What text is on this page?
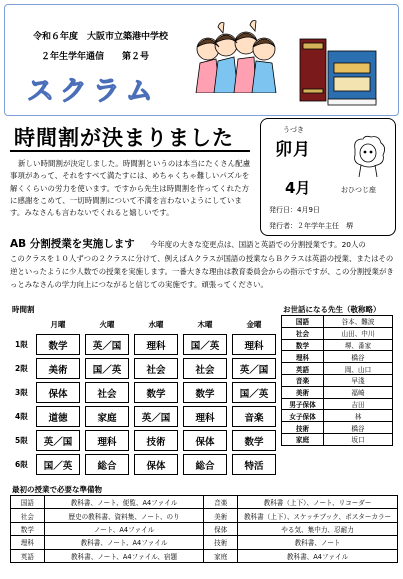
令和６年度　大阪市立築港中学校
２年生学年通信　　第２号
スクラム
時間割が決まりました	うづき
卯月
4月	おひつじ座
発行日：4月9日
発行者：２年学年主任　堺

新しい時間割が決定しました。時間割というのは本当にたくさん配慮事項があって、それをすべて満たすには、めちゃくちゃ難しいパズルを解くくらいの労力を使います。ですから先生は時間割を作ってくれた方に感謝をこめて、一切時間割について不満を言わないようにしています。みなさんも言わないでくれると嬉しいです。

AB 分割授業を実施します 今年度の大きな変更点は、国語と英語での分割授業です。20人の

このクラスを１０人ずつの２クラスに分けて、例えばＡクラスが国語の授業ならＢクラスは英語の授業、またはその逆といったように少人数での授業を実施します。一番大きな理由は教育委員会からの指示ですが、この分割授業がきっとみなさんの学力向上につながると信じての実施です。頑張ってください。

時間割
	月曜	火曜	水曜	木曜	金曜
1限	数学	英／国	理科	国／英	理科
2限	美術	国／英	社会	社会	英／国
3限	保体	社会	数学	数学	国／英
4限	道徳	家庭	英／国	理科	音楽
5限	英／国	理科	技術	保体	数学
6限	国／英	総合	保体	総合	特活
お世話になる先生（敬称略）
国語	谷本、難波
社会	山田、中川
数学	堺、番家
理科	橋谷
英語	岡、山口
音楽	早淺
美術	福崎
男子保体	吉田
女子保体	林
技術	橋谷
家庭	坂口
最初の授業で必要な準備物
国語	教科書、ノート、便覧、A4ファイル	音楽	教科書（上下）、ノート、リコーダー
社会	歴史の教科書、資料集、ノート、のり	美術	教科書（上下）、スケッチブック、ポスターカラー
数学	ノート、A4ファイル	保体	やる気、集中力、忍耐力
理科	教科書、ノート、A4ファイル	技術	教科書、ノート
英語	教科書、ノート、A4ファイル、宿題	家庭	教科書、A4ファイル
